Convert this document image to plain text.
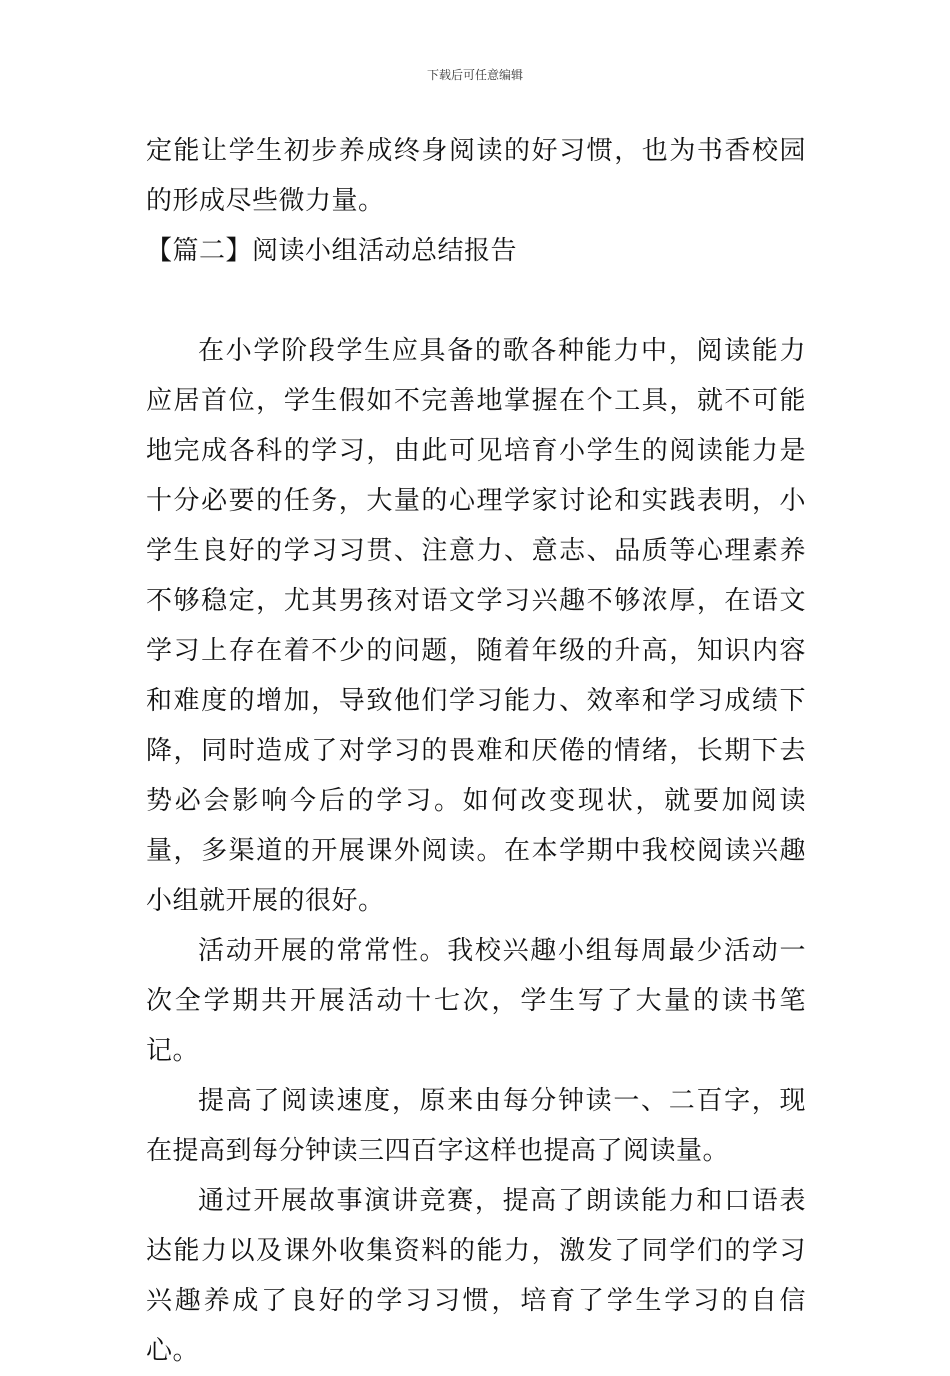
下载后可任意编辑

定能让学生初步养成终身阅读的好习惯，也为书香校园的形成尽些微力量。

【篇二】阅读小组活动总结报告

在小学阶段学生应具备的歌各种能力中，阅读能力应居首位，学生假如不完善地掌握在个工具，就不可能地完成各科的学习，由此可见培育小学生的阅读能力是十分必要的任务，大量的心理学家讨论和实践表明，小学生良好的学习习贯、注意力、意志、品质等心理素养不够稳定，尤其男孩对语文学习兴趣不够浓厚，在语文学习上存在着不少的问题，随着年级的升高，知识内容和难度的增加，导致他们学习能力、效率和学习成绩下降，同时造成了对学习的畏难和厌倦的情绪，长期下去势必会影响今后的学习。如何改变现状，就要加阅读量，多渠道的开展课外阅读。在本学期中我校阅读兴趣小组就开展的很好。

活动开展的常常性。我校兴趣小组每周最少活动一次全学期共开展活动十七次，学生写了大量的读书笔记。

提高了阅读速度，原来由每分钟读一、二百字，现在提高到每分钟读三四百字这样也提高了阅读量。

通过开展故事演讲竞赛，提高了朗读能力和口语表达能力以及课外收集资料的能力，激发了同学们的学习兴趣养成了良好的学习习惯，培育了学生学习的自信心。
